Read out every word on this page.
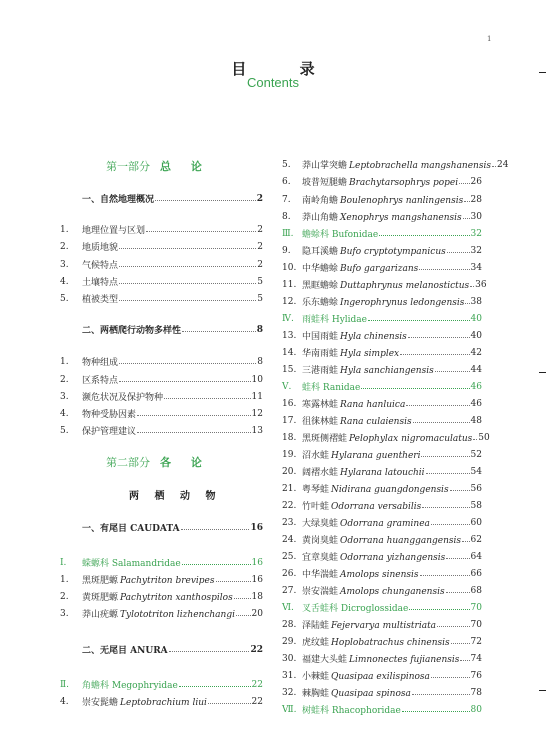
1
目 录
Contents
第一部分 总 论
第二部分 各 论
两 栖 动 物
一、自然地理概况	2
1.	地理位置与区划	2
2.	地质地貌	2
3.	气候特点	2
4.	土壤特点	5
5.	植被类型	5
二、两栖爬行动物多样性	8
1.	物种组成	8
2.	区系特点	10
3.	濒危状况及保护物种	11
4.	物种受胁因素	12
5.	保护管理建议	13
一、有尾目 CAUDATA	16
Ⅰ.	蝾螈科 Salamandridae	16
1.	黑斑肥螈 Pachytriton brevipes	16
2.	黄斑肥螈 Pachytriton xanthospilos 18
3.	莽山疣螈 Tylototriton lizhenchangi 20
二、无尾目 ANURA	22
Ⅱ.	角蟾科 Megophryidae	22
4.	崇安髭蟾 Leptobrachium liui	22
5.	莽山掌突蟾 Leptobrachella mangshanensis 24
6.	坡普短腿蟾 Brachytarsophrys popei 26
7.	南岭角蟾 Boulenophrys nanlingensis 28
8.	莽山角蟾 Xenophrys mangshanensis 30
Ⅲ. 蟾蜍科 Bufonidae	32
9.	隐耳溪蟾 Bufo cryptotympanicus	32
10. 中华蟾蜍 Bufo gargarizans	34
11. 黑眶蟾蜍 Duttaphrynus melanostictus 36
12. 乐东蟾蜍 Ingerophrynus ledongensis 38
Ⅳ. 雨蛙科 Hylidae	40
13. 中国雨蛙 Hyla chinensis	40
14. 华南雨蛙 Hyla simplex	42
15. 三港雨蛙 Hyla sanchiangensis	44
Ⅴ.	蛙科 Ranidae	46
16. 寒露林蛙 Rana hanluica	46
17. 徂徕林蛙 Rana culaiensis	48
18. 黑斑侧褶蛙 Pelophylax nigromaculatus 50
19. 沼水蛙 Hylarana guentheri	52
20. 阔褶水蛙 Hylarana latouchii	54
21. 粤琴蛙 Nidirana guangdongensis 56
22. 竹叶蛙 Odorrana versabilis	58
23. 大绿臭蛙 Odorrana graminea	60
24. 黄岗臭蛙 Odorrana huanggangensis 62
25. 宜章臭蛙 Odorrana yizhangensis	64
26. 中华湍蛙 Amolops sinensis	66
27. 崇安湍蛙 Amolops chunganensis	68
Ⅵ. 叉舌蛙科 Dicroglossidae	70
28. 泽陆蛙 Fejervarya multistriata	70
29. 虎纹蛙 Hoplobatrachus chinensis 72
30. 福建大头蛙 Limnonectes fujianensis 74
31. 小棘蛙 Quasipaa exilispinosa	76
32. 棘胸蛙 Quasipaa spinosa	78
Ⅶ. 树蛙科 Rhacophoridae	80
